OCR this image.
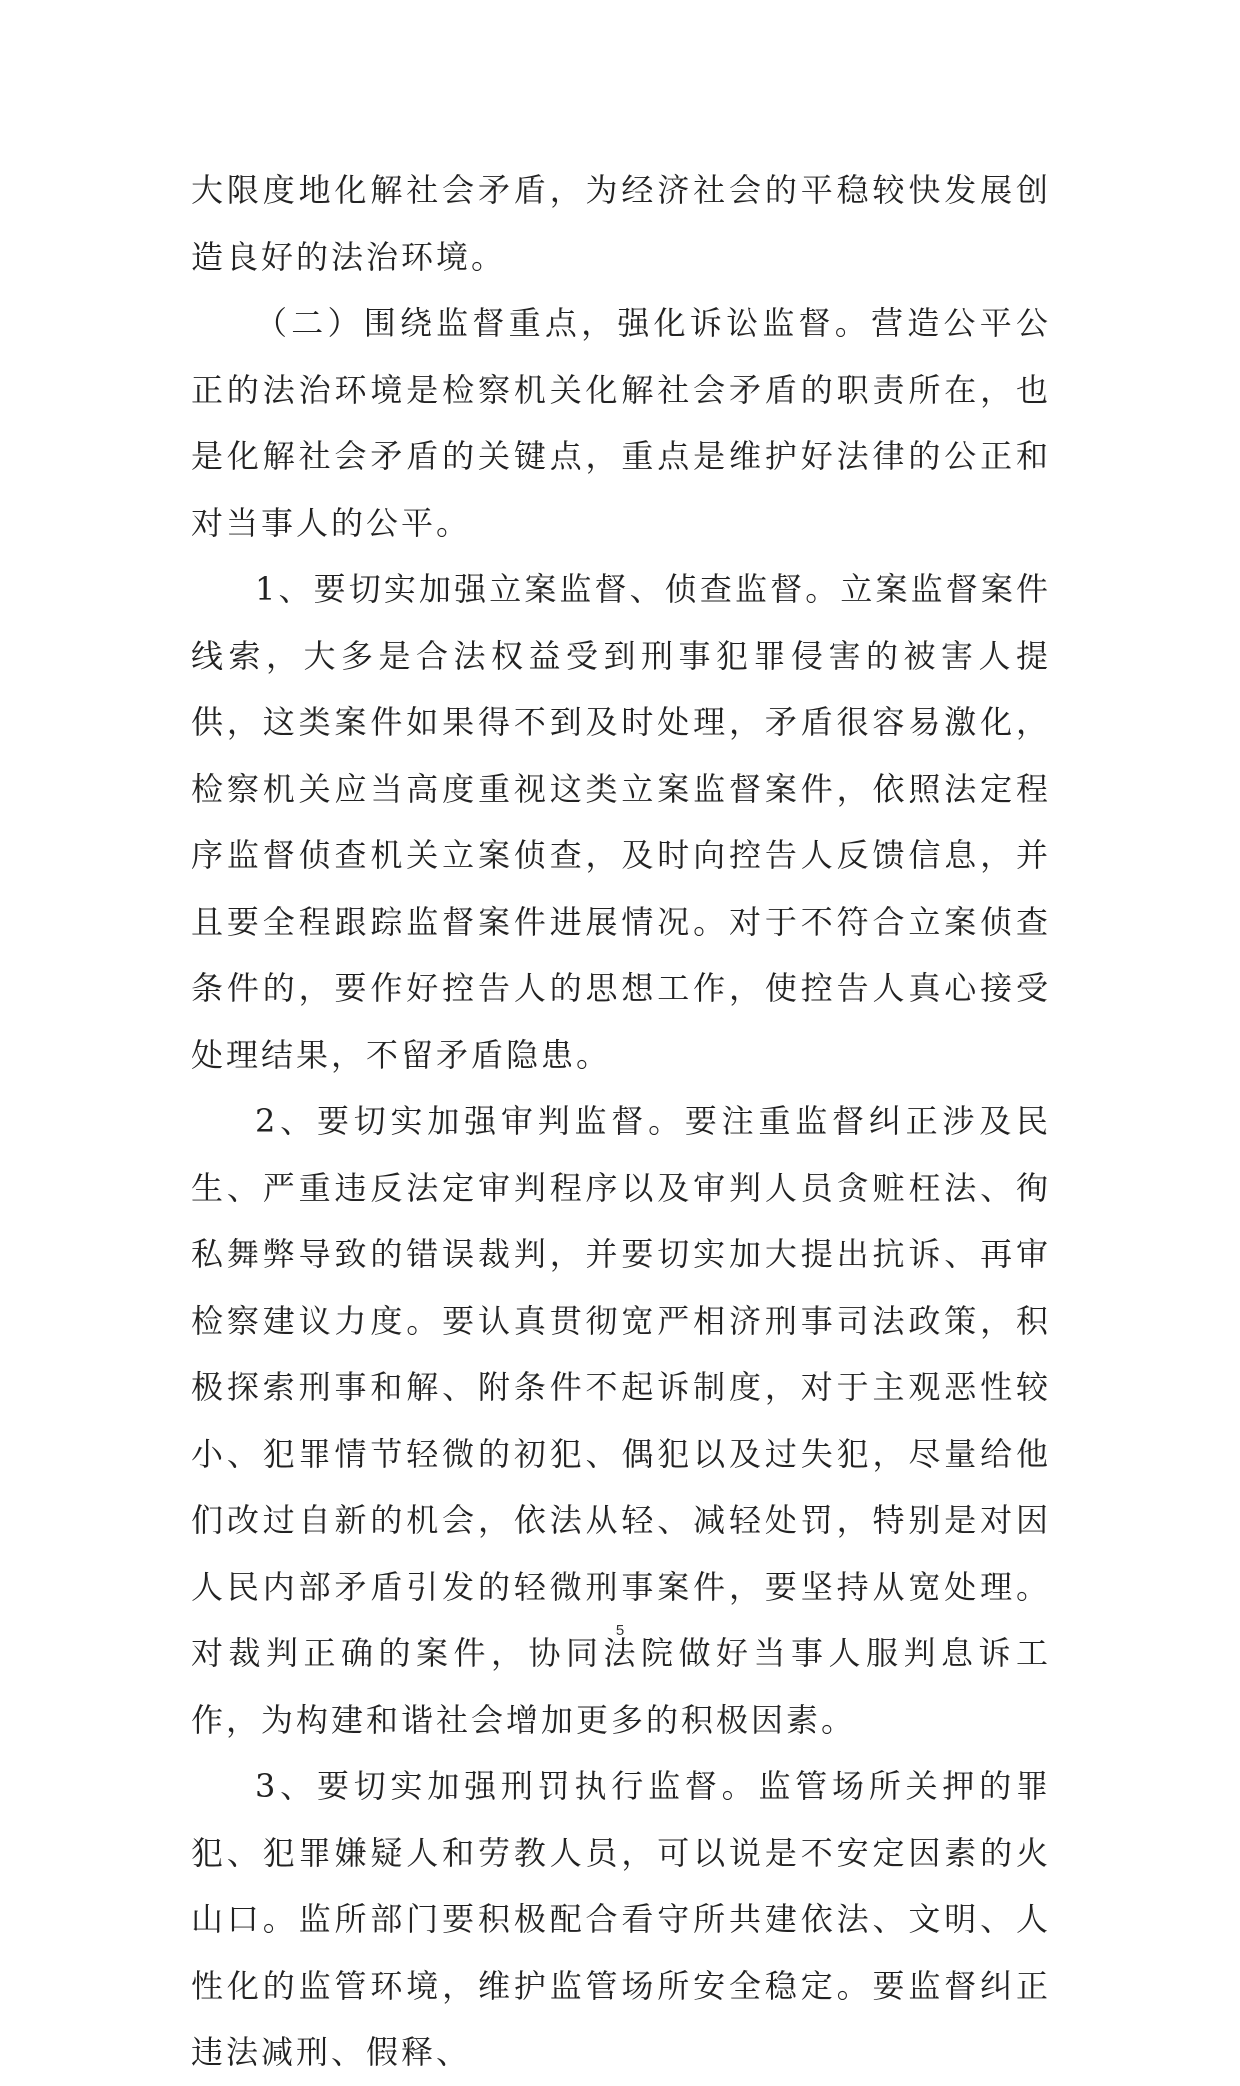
大限度地化解社会矛盾，为经济社会的平稳较快发展创造良好的法治环境。

（二）围绕监督重点，强化诉讼监督。营造公平公正的法治环境是检察机关化解社会矛盾的职责所在，也是化解社会矛盾的关键点，重点是维护好法律的公正和对当事人的公平。

1、要切实加强立案监督、侦查监督。立案监督案件线索，大多是合法权益受到刑事犯罪侵害的被害人提供，这类案件如果得不到及时处理，矛盾很容易激化，检察机关应当高度重视这类立案监督案件，依照法定程序监督侦查机关立案侦查，及时向控告人反馈信息，并且要全程跟踪监督案件进展情况。对于不符合立案侦查条件的，要作好控告人的思想工作，使控告人真心接受处理结果，不留矛盾隐患。

2、要切实加强审判监督。要注重监督纠正涉及民生、严重违反法定审判程序以及审判人员贪赃枉法、徇私舞弊导致的错误裁判，并要切实加大提出抗诉、再审检察建议力度。要认真贯彻宽严相济刑事司法政策，积极探索刑事和解、附条件不起诉制度，对于主观恶性较小、犯罪情节轻微的初犯、偶犯以及过失犯，尽量给他们改过自新的机会，依法从轻、减轻处罚，特别是对因人民内部矛盾引发的轻微刑事案件，要坚持从宽处理。对裁判正确的案件，协同法院做好当事人服判息诉工作，为构建和谐社会增加更多的积极因素。

3、要切实加强刑罚执行监督。监管场所关押的罪犯、犯罪嫌疑人和劳教人员，可以说是不安定因素的火山口。监所部门要积极配合看守所共建依法、文明、人性化的监管环境，维护监管场所安全稳定。要监督纠正违法减刑、假释、

5
